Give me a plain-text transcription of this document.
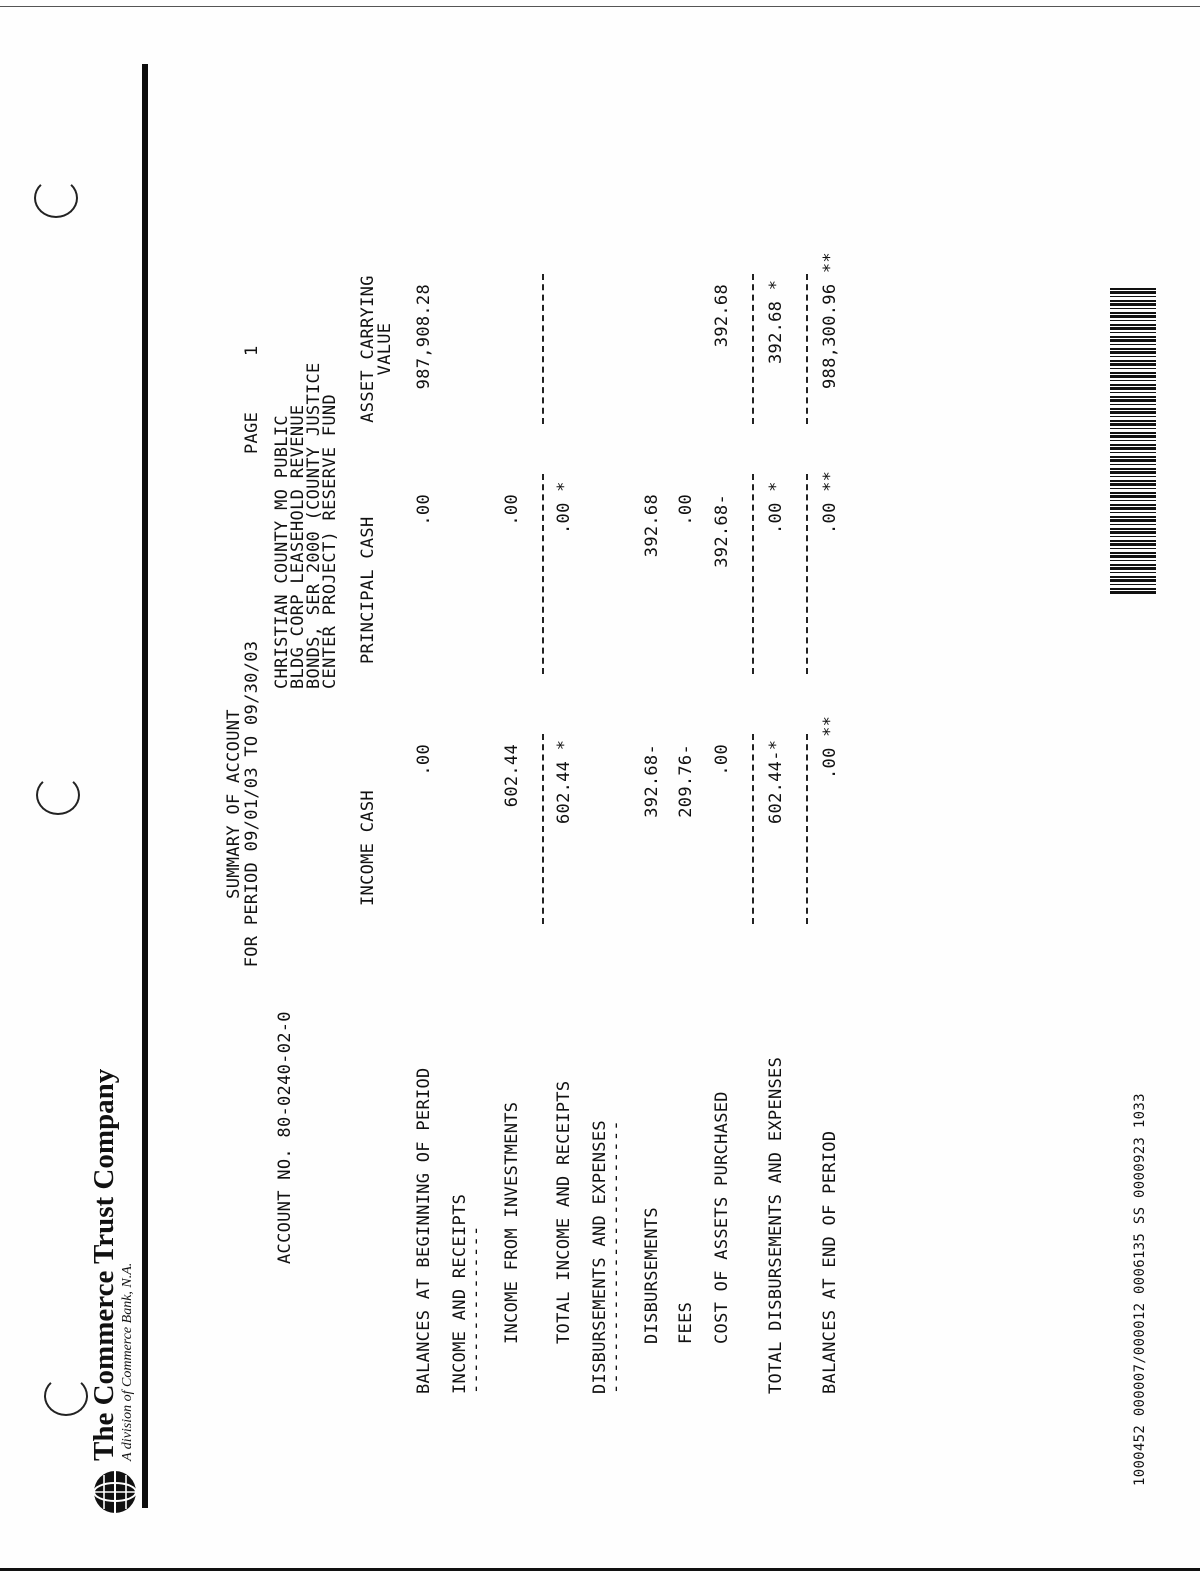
The Commerce Trust Company A division of Commerce Bank, N.A.
SUMMARY OF ACCOUNT
FOR PERIOD 09/01/03 TO 09/30/03
PAGE
1
ACCOUNT NO. 80-0240-02-0
CHRISTIAN COUNTY MO PUBLIC
BLDG CORP LEASEHOLD REVENUE
BONDS, SER 2000 (COUNTY JUSTICE
CENTER PROJECT) RESERVE FUND
INCOME CASH
PRINCIPAL CASH
ASSET CARRYING
VALUE
BALANCES AT BEGINNING OF PERIOD
.00
.00
987,908.28
INCOME AND RECEIPTS
---------------- INCOME FROM INVESTMENTS
602.44
.00
TOTAL INCOME AND RECEIPTS
602.44 *
.00 *
DISBURSEMENTS AND EXPENSES
-------------------------- DISBURSEMENTS
392.68-
392.68
FEES
209.76-
.00
COST OF ASSETS PURCHASED
.00
392.68-
392.68
TOTAL DISBURSEMENTS AND EXPENSES
602.44-*
.00 *
392.68 *
BALANCES AT END OF PERIOD
.00 **
.00 **
988,300.96 **
1000452 000007/000012 0006135 SS 0000923 1033
